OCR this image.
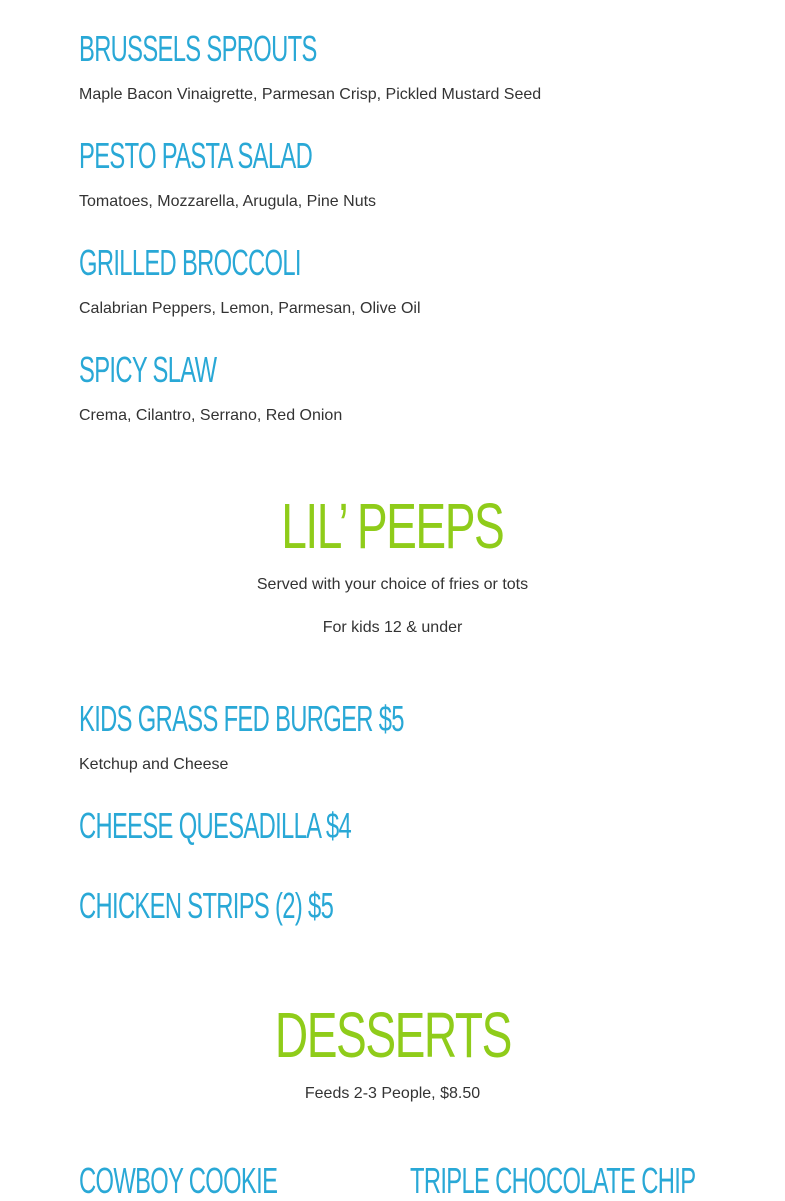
BRUSSELS SPROUTS

Maple Bacon Vinaigrette, Parmesan Crisp, Pickled Mustard Seed

PESTO PASTA SALAD

Tomatoes, Mozzarella, Arugula, Pine Nuts

GRILLED BROCCOLI

Calabrian Peppers, Lemon, Parmesan, Olive Oil

SPICY SLAW

Crema, Cilantro, Serrano, Red Onion

LIL’ PEEPS

Served with your choice of fries or tots

For kids 12 & under

KIDS GRASS FED BURGER $5

Ketchup and Cheese

CHEESE QUESADILLA $4
CHICKEN STRIPS (2) $5
DESSERTS

Feeds 2-3 People, $8.50

COWBOY COOKIE	TRIPLE CHOCOLATE CHIP
